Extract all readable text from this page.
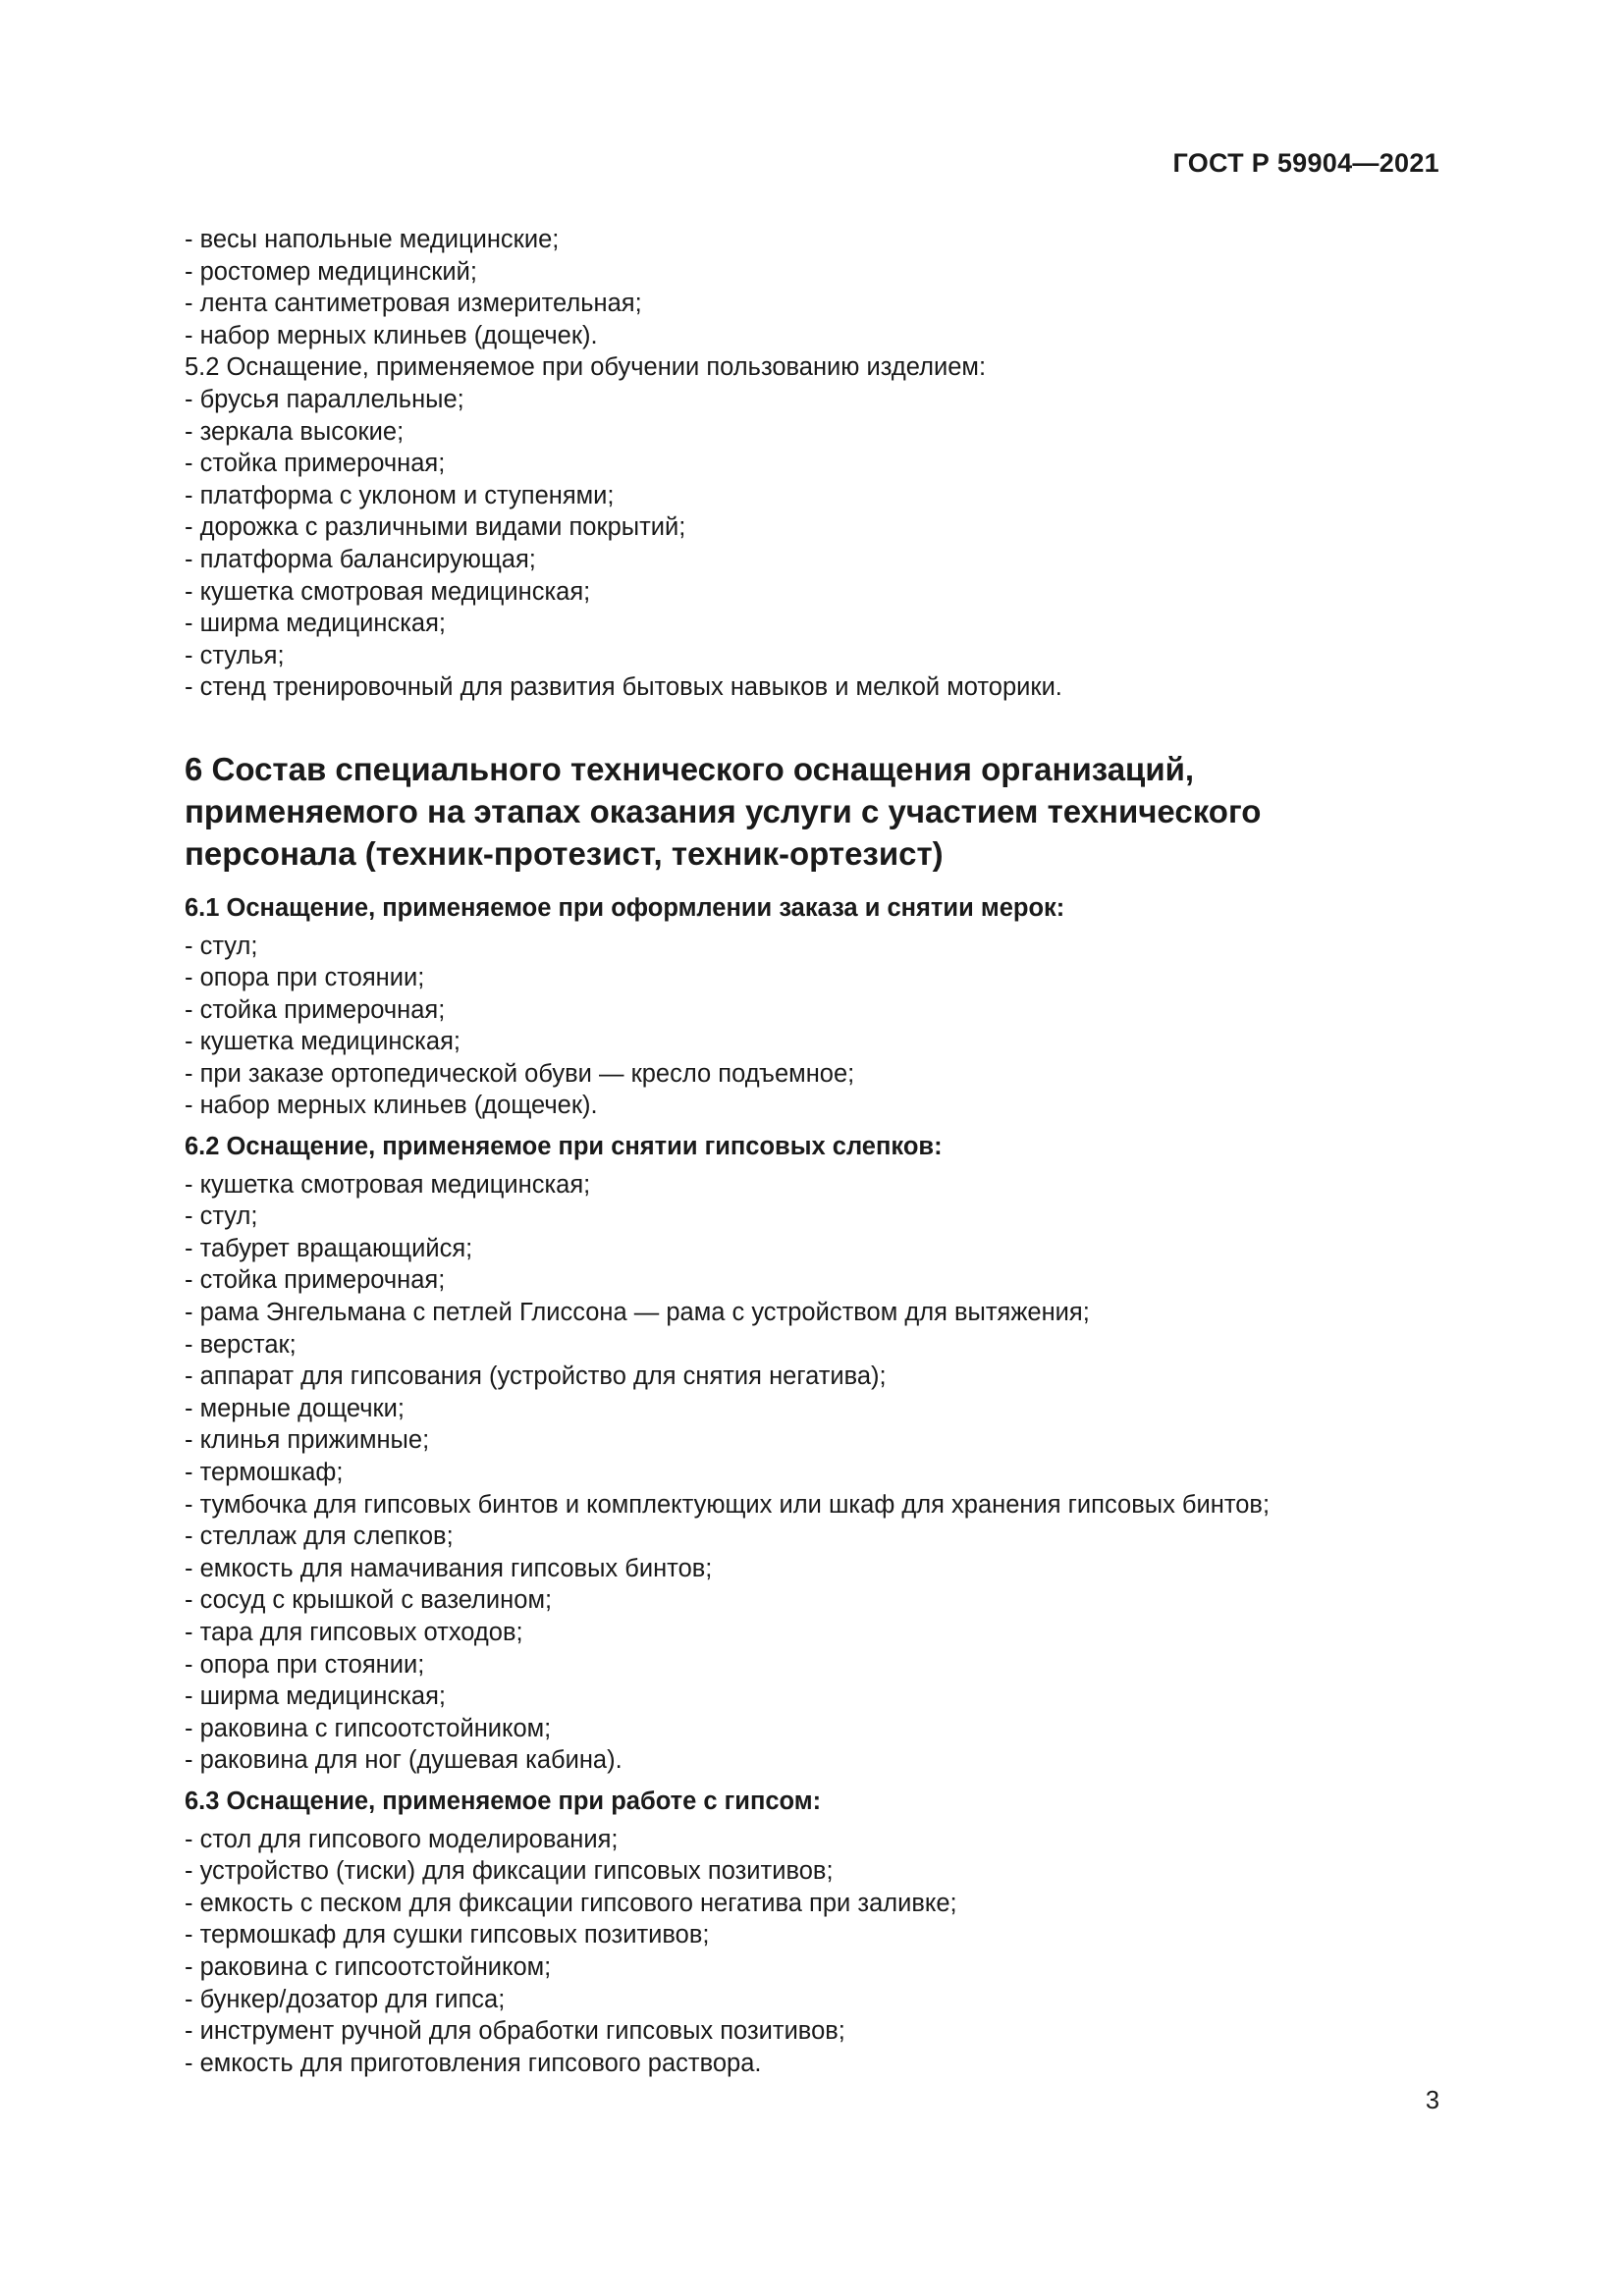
ГОСТ Р 59904—2021

- весы напольные медицинские;

- ростомер медицинский;

- лента сантиметровая измерительная;

- набор мерных клиньев (дощечек).

5.2 Оснащение, применяемое при обучении пользованию изделием:

- брусья параллельные;

- зеркала высокие;

- стойка примерочная;

- платформа с уклоном и ступенями;

- дорожка с различными видами покрытий;

- платформа балансирующая;

- кушетка смотровая медицинская;

- ширма медицинская;

- стулья;

- стенд тренировочный для развития бытовых навыков и мелкой моторики.

6 Состав специального технического оснащения организаций,
применяемого на этапах оказания услуги с участием технического
персонала (техник-протезист, техник-ортезист)

6.1 Оснащение, применяемое при оформлении заказа и снятии мерок:

- стул;

- опора при стоянии;

- стойка примерочная;

- кушетка медицинская;

- при заказе ортопедической обуви — кресло подъемное;

- набор мерных клиньев (дощечек).

6.2 Оснащение, применяемое при снятии гипсовых слепков:

- кушетка смотровая медицинская;

- стул;

- табурет вращающийся;

- стойка примерочная;

- рама Энгельмана с петлей Глиссона — рама с устройством для вытяжения;

- верстак;

- аппарат для гипсования (устройство для снятия негатива);

- мерные дощечки;

- клинья прижимные;

- термошкаф;

- тумбочка для гипсовых бинтов и комплектующих или шкаф для хранения гипсовых бинтов;

- стеллаж для слепков;

- емкость для намачивания гипсовых бинтов;

- сосуд с крышкой с вазелином;

- тара для гипсовых отходов;

- опора при стоянии;

- ширма медицинская;

- раковина с гипсоотстойником;

- раковина для ног (душевая кабина).

6.3 Оснащение, применяемое при работе с гипсом:

- стол для гипсового моделирования;

- устройство (тиски) для фиксации гипсовых позитивов;

- емкость с песком для фиксации гипсового негатива при заливке;

- термошкаф для сушки гипсовых позитивов;

- раковина с гипсоотстойником;

- бункер/дозатор для гипса;

- инструмент ручной для обработки гипсовых позитивов;

- емкость для приготовления гипсового раствора.

3
